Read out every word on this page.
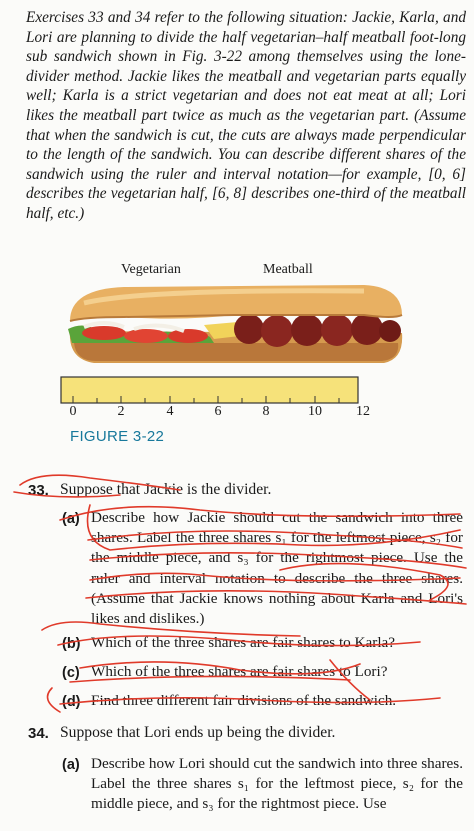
Exercises 33 and 34 refer to the following situation: Jackie, Karla, and Lori are planning to divide the half vegetarian–half meatball foot-long sub sandwich shown in Fig. 3-22 among themselves using the lone-divider method. Jackie likes the meatball and vegetarian parts equally well; Karla is a strict vegetarian and does not eat meat at all; Lori likes the meatball part twice as much as the vegetarian part. (Assume that when the sandwich is cut, the cuts are always made perpendicular to the length of the sandwich. You can describe different shares of the sandwich using the ruler and interval notation—for example, [0, 6] describes the vegetarian half, [6, 8] describes one-third of the meatball half, etc.)
Vegetarian	Meatball
0	2	4	6	8	10	12
FIGURE 3-22
33. Suppose that Jackie is the divider.
(a) Describe how Jackie should cut the sandwich into three shares. Label the three shares s₁ for the leftmost piece, s₂ for the middle piece, and s₃ for the rightmost piece. Use the ruler and interval notation to describe the three shares. (Assume that Jackie knows nothing about Karla and Lori's likes and dislikes.)
(b) Which of the three shares are fair shares to Karla?
(c) Which of the three shares are fair shares to Lori?
(d) Find three different fair divisions of the sandwich.
34. Suppose that Lori ends up being the divider.
(a) Describe how Lori should cut the sandwich into three shares. Label the three shares s₁ for the leftmost piece, s₂ for the middle piece, and s₃ for the rightmost piece. Use
